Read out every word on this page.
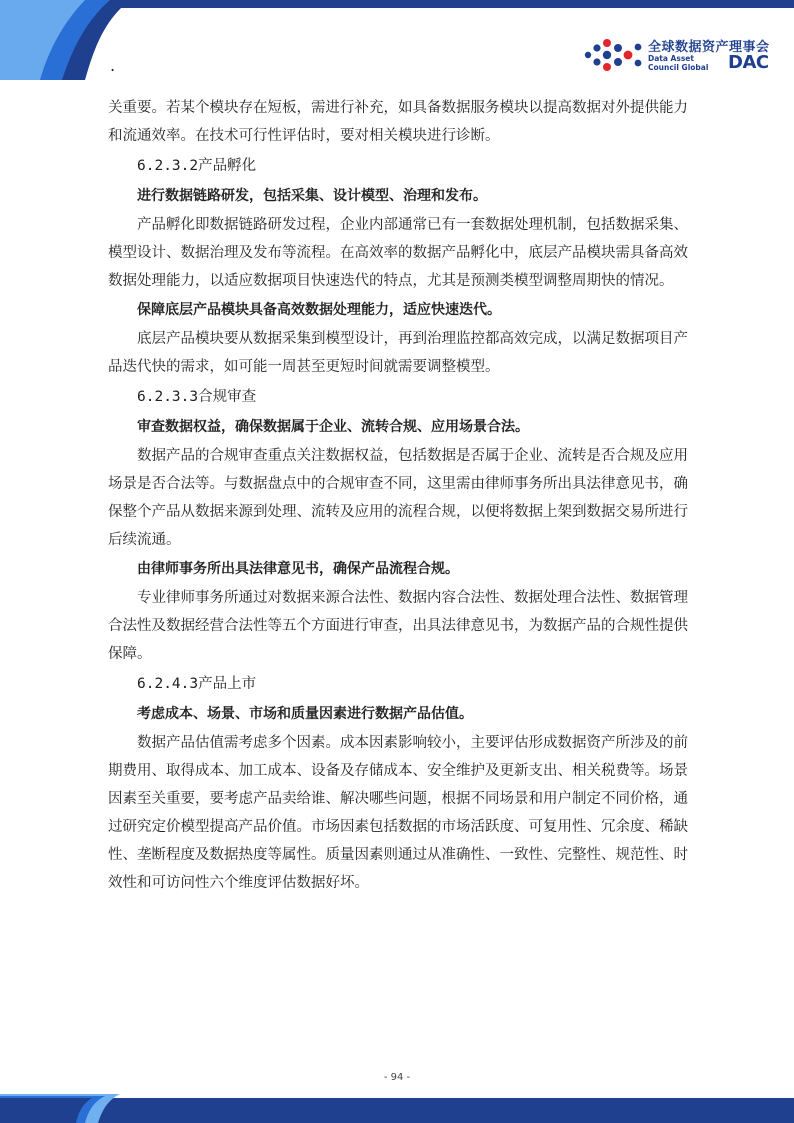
.
全球数据资产理事会
Data Asset
Council Global DAC

关重要。若某个模块存在短板，需进行补充，如具备数据服务模块以提高数据对外提供能力和流通效率。在技术可行性评估时，要对相关模块进行诊断。

6.2.3.2产品孵化

进行数据链路研发，包括采集、设计模型、治理和发布。

产品孵化即数据链路研发过程，企业内部通常已有一套数据处理机制，包括数据采集、模型设计、数据治理及发布等流程。在高效率的数据产品孵化中，底层产品模块需具备高效数据处理能力，以适应数据项目快速迭代的特点，尤其是预测类模型调整周期快的情况。

保障底层产品模块具备高效数据处理能力，适应快速迭代。

底层产品模块要从数据采集到模型设计，再到治理监控都高效完成，以满足数据项目产品迭代快的需求，如可能一周甚至更短时间就需要调整模型。

6.2.3.3合规审查

审查数据权益，确保数据属于企业、流转合规、应用场景合法。

数据产品的合规审查重点关注数据权益，包括数据是否属于企业、流转是否合规及应用场景是否合法等。与数据盘点中的合规审查不同，这里需由律师事务所出具法律意见书，确保整个产品从数据来源到处理、流转及应用的流程合规，以便将数据上架到数据交易所进行后续流通。

由律师事务所出具法律意见书，确保产品流程合规。

专业律师事务所通过对数据来源合法性、数据内容合法性、数据处理合法性、数据管理合法性及数据经营合法性等五个方面进行审查，出具法律意见书，为数据产品的合规性提供保障。

6.2.4.3产品上市

考虑成本、场景、市场和质量因素进行数据产品估值。

数据产品估值需考虑多个因素。成本因素影响较小，主要评估形成数据资产所涉及的前期费用、取得成本、加工成本、设备及存储成本、安全维护及更新支出、相关税费等。场景因素至关重要，要考虑产品卖给谁、解决哪些问题，根据不同场景和用户制定不同价格，通过研究定价模型提高产品价值。市场因素包括数据的市场活跃度、可复用性、冗余度、稀缺性、垄断程度及数据热度等属性。质量因素则通过从准确性、一致性、完整性、规范性、时效性和可访问性六个维度评估数据好坏。

- 94 -
